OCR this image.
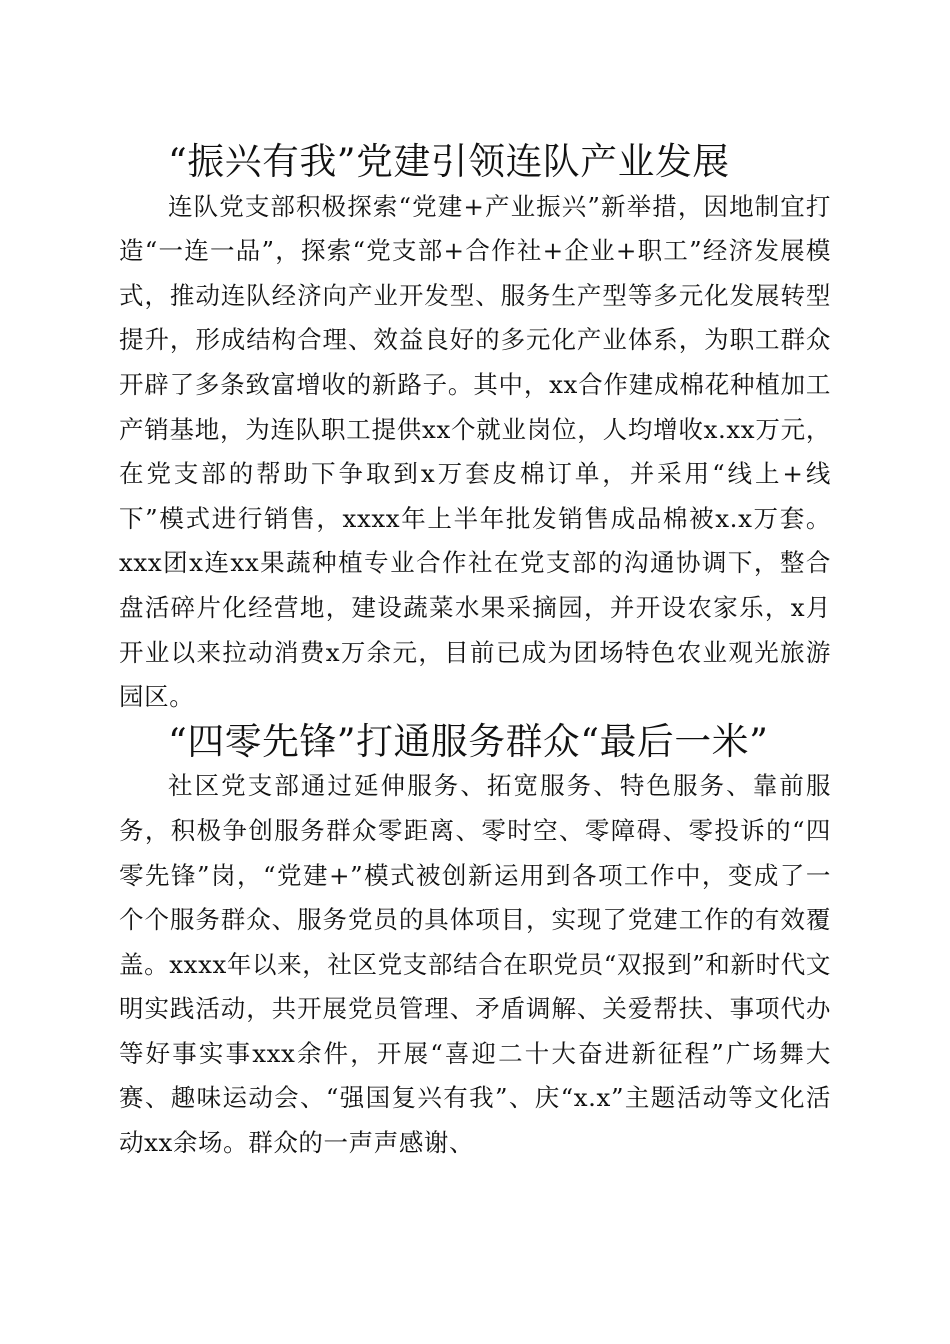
“振兴有我”党建引领连队产业发展

连队党支部积极探索“党建+产业振兴”新举措，因地制宜打造“一连一品”，探索“党支部+合作社+企业+职工”经济发展模式，推动连队经济向产业开发型、服务生产型等多元化发展转型提升，形成结构合理、效益良好的多元化产业体系，为职工群众开辟了多条致富增收的新路子。其中，xx合作建成棉花种植加工产销基地，为连队职工提供xx个就业岗位，人均增收x.xx万元，在党支部的帮助下争取到x万套皮棉订单，并采用“线上+线下”模式进行销售，xxxx年上半年批发销售成品棉被x.x万套。xxx团x连xx果蔬种植专业合作社在党支部的沟通协调下，整合盘活碎片化经营地，建设蔬菜水果采摘园，并开设农家乐，x月开业以来拉动消费x万余元，目前已成为团场特色农业观光旅游园区。

“四零先锋”打通服务群众“最后一米”

社区党支部通过延伸服务、拓宽服务、特色服务、靠前服务，积极争创服务群众零距离、零时空、零障碍、零投诉的“四零先锋”岗，“党建+”模式被创新运用到各项工作中，变成了一个个服务群众、服务党员的具体项目，实现了党建工作的有效覆盖。xxxx年以来，社区党支部结合在职党员“双报到”和新时代文明实践活动，共开展党员管理、矛盾调解、关爱帮扶、事项代办等好事实事xxx余件，开展“喜迎二十大奋进新征程”广场舞大赛、趣味运动会、“强国复兴有我”、庆“x.x”主题活动等文化活动xx余场。群众的一声声感谢、
